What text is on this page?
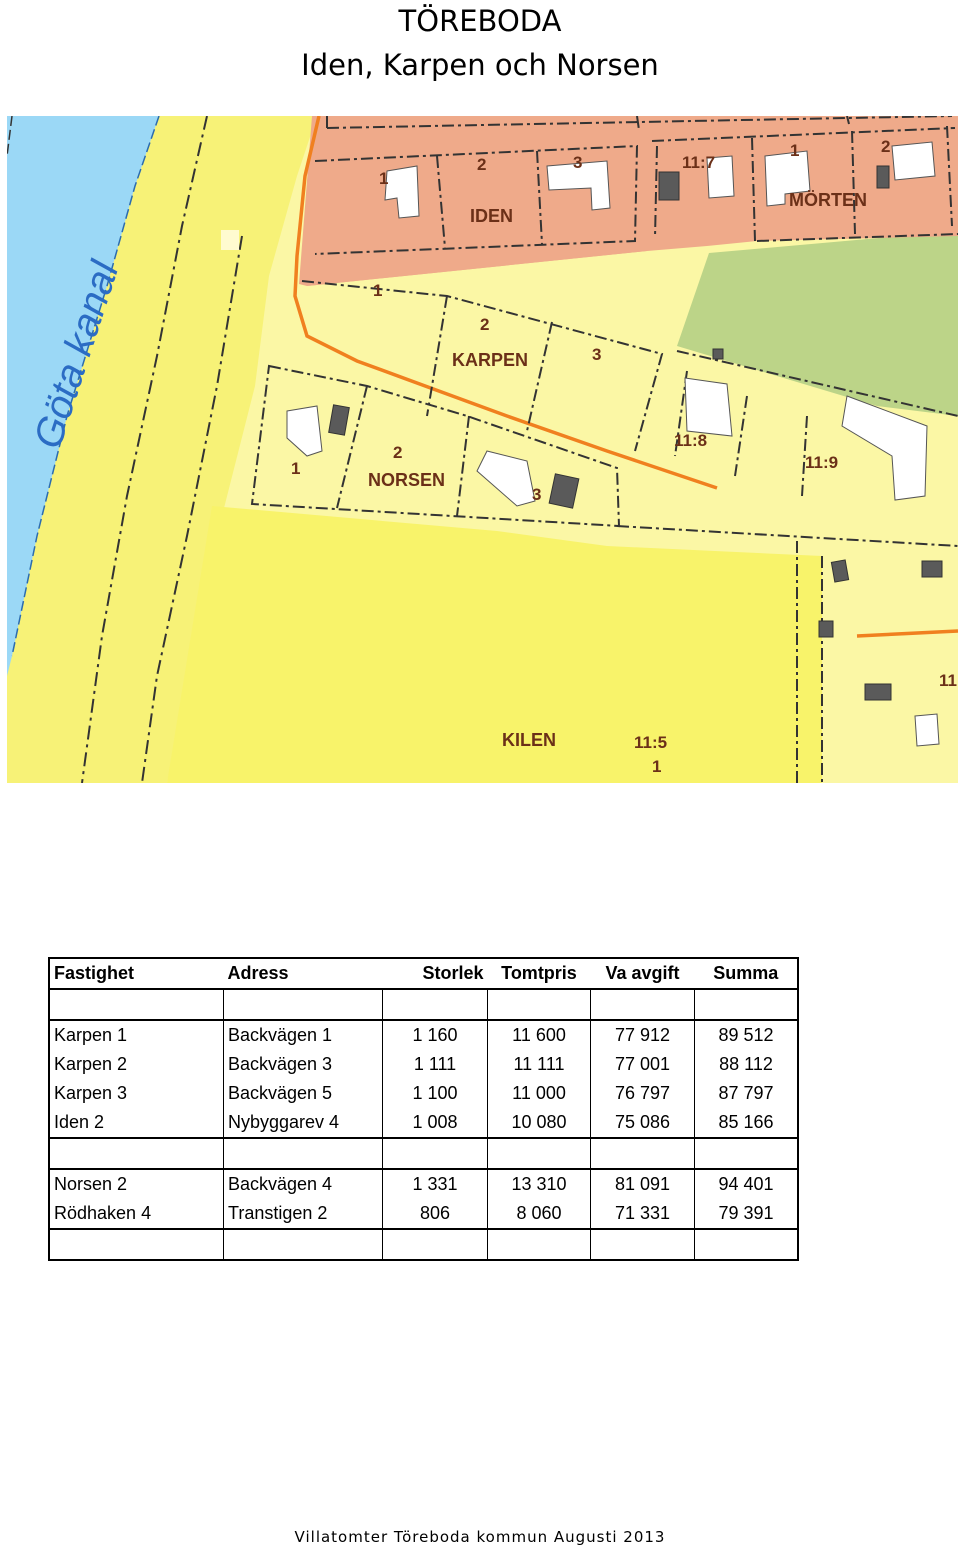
TÖREBODA
Iden, Karpen och Norsen
Göta kanal
IDEN
MÖRTEN
KARPEN
NORSEN
KILEN
11:7
11:8
11:9
11:5
11
1
2	3
1	2
1
2
3
1
2
3
1
Fastighet	Adress	Storlek	Tomtpris	Va avgift	Summa

Karpen 1	Backvägen 1	1 160	11 600	77 912	89 512
Karpen 2	Backvägen 3	1 111	11 111	77 001	88 112
Karpen 3	Backvägen 5	1 100	11 000	76 797	87 797
Iden 2	Nybyggarev 4	1 008	10 080	75 086	85 166

Norsen 2	Backvägen 4	1 331	13 310	81 091	94 401
Rödhaken 4	Transtigen 2	806	8 060	71 331	79 391

Villatomter Töreboda kommun Augusti 2013
